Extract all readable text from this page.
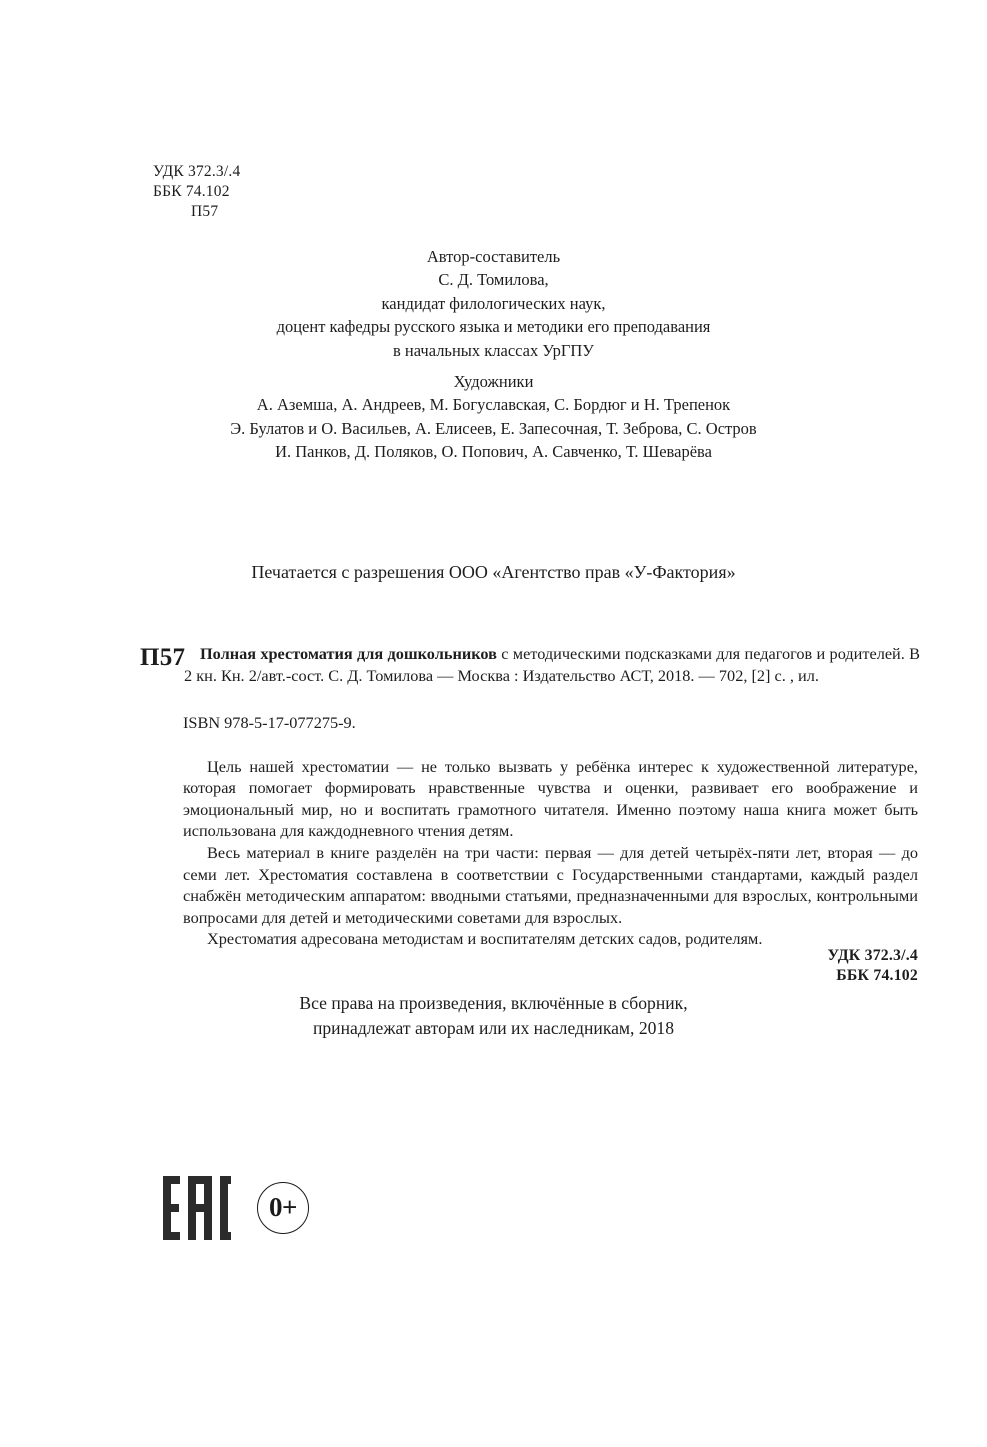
УДК 372.3/.4
ББК 74.102
П57
Автор-составитель
С. Д. Томилова,
кандидат филологических наук,
доцент кафедры русского языка и методики его преподавания
в начальных классах УрГПУ
Художники
А. Аземша, А. Андреев, М. Богуславская, С. Бордюг и Н. Трепенок
Э. Булатов и О. Васильев, А. Елисеев, Е. Запесочная, Т. Зеброва, С. Остров
И. Панков, Д. Поляков, О. Попович, А. Савченко, Т. Шеварёва
Печатается с разрешения ООО «Агентство прав «У-Фактория»
П57 Полная хрестоматия для дошкольников с методическими подсказками для педагогов и родителей. В 2 кн. Кн. 2/авт.-сост. С. Д. Томилова — Москва : Издательство АСТ, 2018. — 702, [2] с. , ил.

ISBN 978-5-17-077275-9.

Цель нашей хрестоматии — не только вызвать у ребёнка интерес к художественной литературе, которая помогает формировать нравственные чувства и оценки, развивает его воображение и эмоциональный мир, но и воспитать грамотного читателя. Именно поэтому наша книга может быть использована для каждодневного чтения детям.

Весь материал в книге разделён на три части: первая — для детей четырёх-пяти лет, вторая — до семи лет. Хрестоматия составлена в соответствии с Государственными стандартами, каждый раздел снабжён методическим аппаратом: вводными статьями, предназначенными для взрослых, контрольными вопросами для детей и методическими советами для взрослых.

Хрестоматия адресована методистам и воспитателям детских садов, родителям.

УДК 372.3/.4
ББК 74.102
Все права на произведения, включённые в сборник,
принадлежат авторам или их наследникам, 2018
0+
